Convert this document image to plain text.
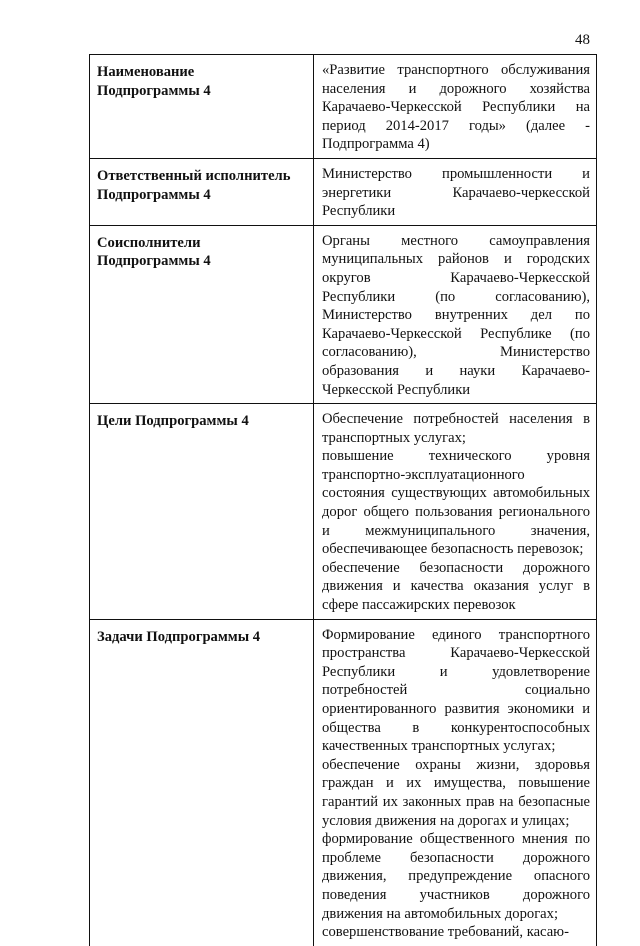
48
Наименование
Подпрограммы 4	«Развитие транспортного обслуживания населения и дорожного хозяйства Карачаево-Черкесской Республики на период 2014-2017 годы» (далее - Подпрограмма 4)

Ответственный исполнитель
Подпрограммы 4	Министерство промышленности и энергетики Карачаево-черкесской Республики

Соисполнители
Подпрограммы 4	Органы местного самоуправления муниципальных районов и городских округов Карачаево-Черкесской Республики (по согласованию), Министерство внутренних дел по Карачаево-Черкесской Республике (по согласованию), Министерство образования и науки Карачаево-Черкесской Республики

Цели Подпрограммы 4	Обеспечение потребностей населения в транспортных услугах;

повышение технического уровня транспортно-эксплуатационного состояния существующих автомобильных дорог общего пользования регионального и межмуниципального значения, обеспечивающее безопасность перевозок;

обеспечение безопасности дорожного движения и качества оказания услуг в сфере пассажирских перевозок

Задачи Подпрограммы 4	Формирование единого транспортного пространства Карачаево-Черкесской Республики и удовлетворение потребностей социально ориентированного развития экономики и общества в конкурентоспособных качественных транспортных услугах;

обеспечение охраны жизни, здоровья граждан и их имущества, повышение гарантий их законных прав на безопасные условия движения на дорогах и улицах;

формирование общественного мнения по проблеме безопасности дорожного движения, предупреждение опасного поведения участников дорожного движения на автомобильных дорогах;

совершенствование требований, касаю-
